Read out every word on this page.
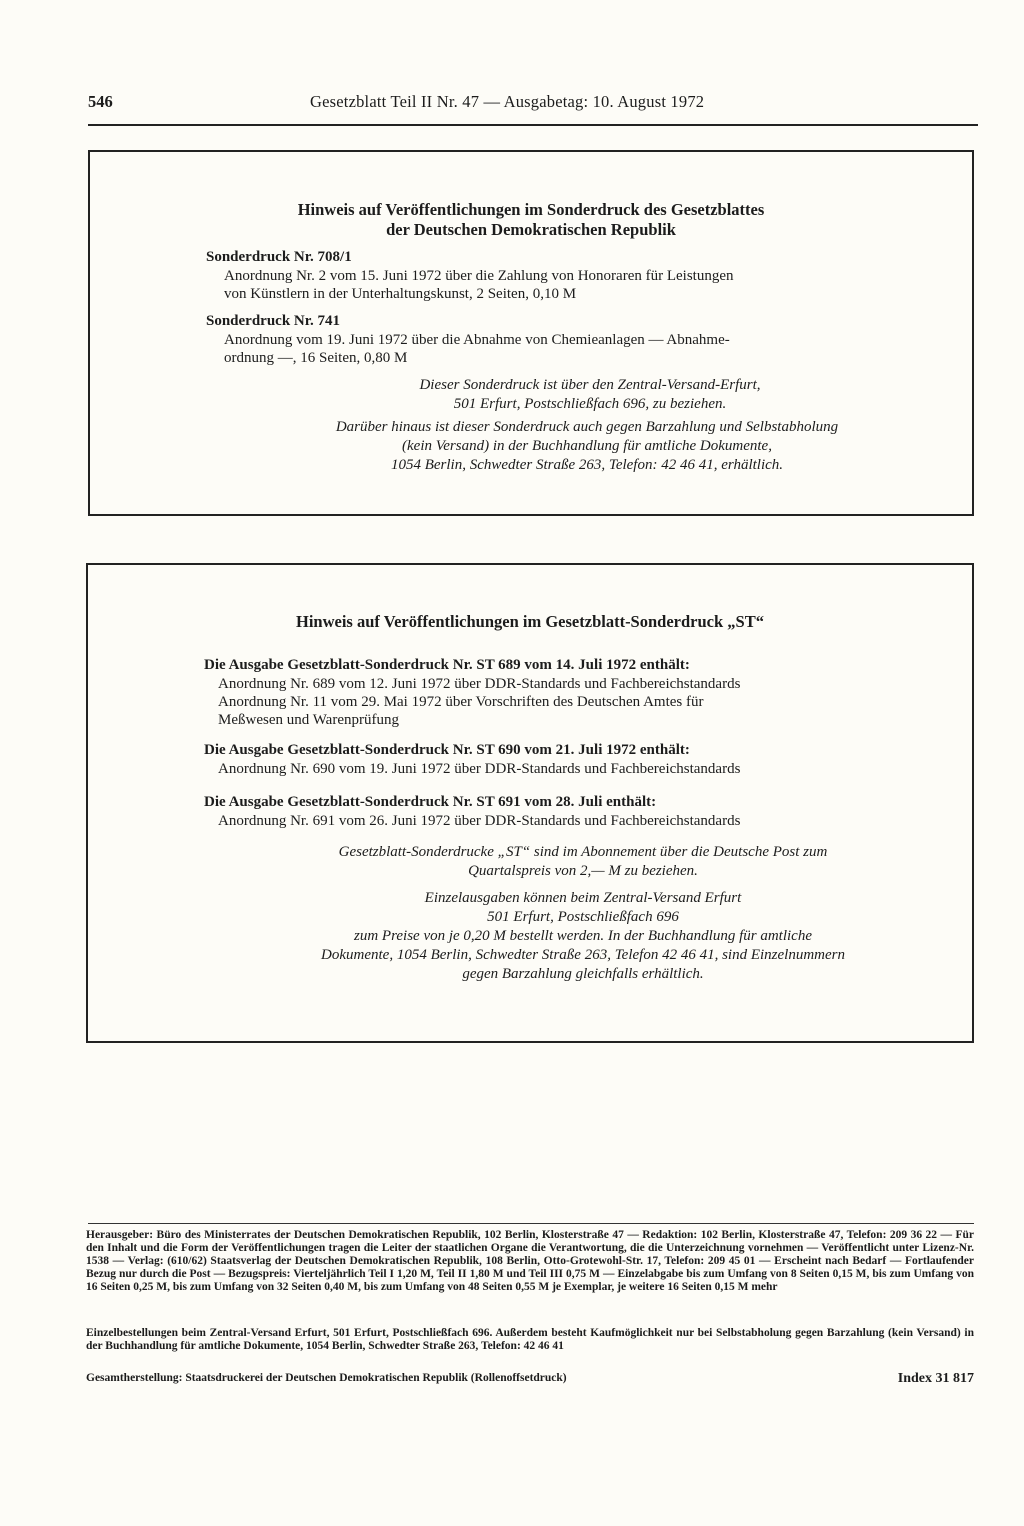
546	Gesetzblatt Teil II Nr. 47 — Ausgabetag: 10. August 1972
Hinweis auf Veröffentlichungen im Sonderdruck des Gesetzblattes
der Deutschen Demokratischen Republik
Sonderdruck Nr. 708/1
Anordnung Nr. 2 vom 15. Juni 1972 über die Zahlung von Honoraren für Leistungen
von Künstlern in der Unterhaltungskunst, 2 Seiten, 0,10 M
Sonderdruck Nr. 741
Anordnung vom 19. Juni 1972 über die Abnahme von Chemieanlagen — Abnahme-
ordnung —, 16 Seiten, 0,80 M
Dieser Sonderdruck ist über den Zentral-Versand-Erfurt,
501 Erfurt, Postschließfach 696, zu beziehen.
Darüber hinaus ist dieser Sonderdruck auch gegen Barzahlung und Selbstabholung
(kein Versand) in der Buchhandlung für amtliche Dokumente,
1054 Berlin, Schwedter Straße 263, Telefon: 42 46 41, erhältlich.
Hinweis auf Veröffentlichungen im Gesetzblatt-Sonderdruck „ST“
Die Ausgabe Gesetzblatt-Sonderdruck Nr. ST 689 vom 14. Juli 1972 enthält:
Anordnung Nr. 689 vom 12. Juni 1972 über DDR-Standards und Fachbereichstandards
Anordnung Nr. 11 vom 29. Mai 1972 über Vorschriften des Deutschen Amtes für
Meßwesen und Warenprüfung
Die Ausgabe Gesetzblatt-Sonderdruck Nr. ST 690 vom 21. Juli 1972 enthält:
Anordnung Nr. 690 vom 19. Juni 1972 über DDR-Standards und Fachbereichstandards
Die Ausgabe Gesetzblatt-Sonderdruck Nr. ST 691 vom 28. Juli enthält:
Anordnung Nr. 691 vom 26. Juni 1972 über DDR-Standards und Fachbereichstandards
Gesetzblatt-Sonderdrucke „ST“ sind im Abonnement über die Deutsche Post zum
Quartalspreis von 2,— M zu beziehen.
Einzelausgaben können beim Zentral-Versand Erfurt
501 Erfurt, Postschließfach 696
zum Preise von je 0,20 M bestellt werden. In der Buchhandlung für amtliche
Dokumente, 1054 Berlin, Schwedter Straße 263, Telefon 42 46 41, sind Einzelnummern
gegen Barzahlung gleichfalls erhältlich.
Herausgeber: Büro des Ministerrates der Deutschen Demokratischen Republik, 102 Berlin, Klosterstraße 47 — Redaktion: 102 Berlin, Klosterstraße 47, Telefon: 209 36 22 — Für den Inhalt und die Form der Veröffentlichungen tragen die Leiter der staatlichen Organe die Verantwortung, die die Unterzeichnung vornehmen — Veröffentlicht unter Lizenz-Nr. 1538 — Verlag: (610/62) Staatsverlag der Deutschen Demokratischen Republik, 108 Berlin, Otto-Grotewohl-Str. 17, Telefon: 209 45 01 — Erscheint nach Bedarf — Fortlaufender Bezug nur durch die Post — Bezugspreis: Vierteljährlich Teil I 1,20 M, Teil II 1,80 M und Teil III 0,75 M — Einzelabgabe bis zum Umfang von 8 Seiten 0,15 M, bis zum Umfang von 16 Seiten 0,25 M, bis zum Umfang von 32 Seiten 0,40 M, bis zum Umfang von 48 Seiten 0,55 M je Exemplar, je weitere 16 Seiten 0,15 M mehr
Einzelbestellungen beim Zentral-Versand Erfurt, 501 Erfurt, Postschließfach 696. Außerdem besteht Kaufmöglichkeit nur bei Selbstabholung gegen Barzahlung (kein Versand) in der Buchhandlung für amtliche Dokumente, 1054 Berlin, Schwedter Straße 263, Telefon: 42 46 41
Gesamtherstellung: Staatsdruckerei der Deutschen Demokratischen Republik (Rollenoffsetdruck)	Index 31 817
